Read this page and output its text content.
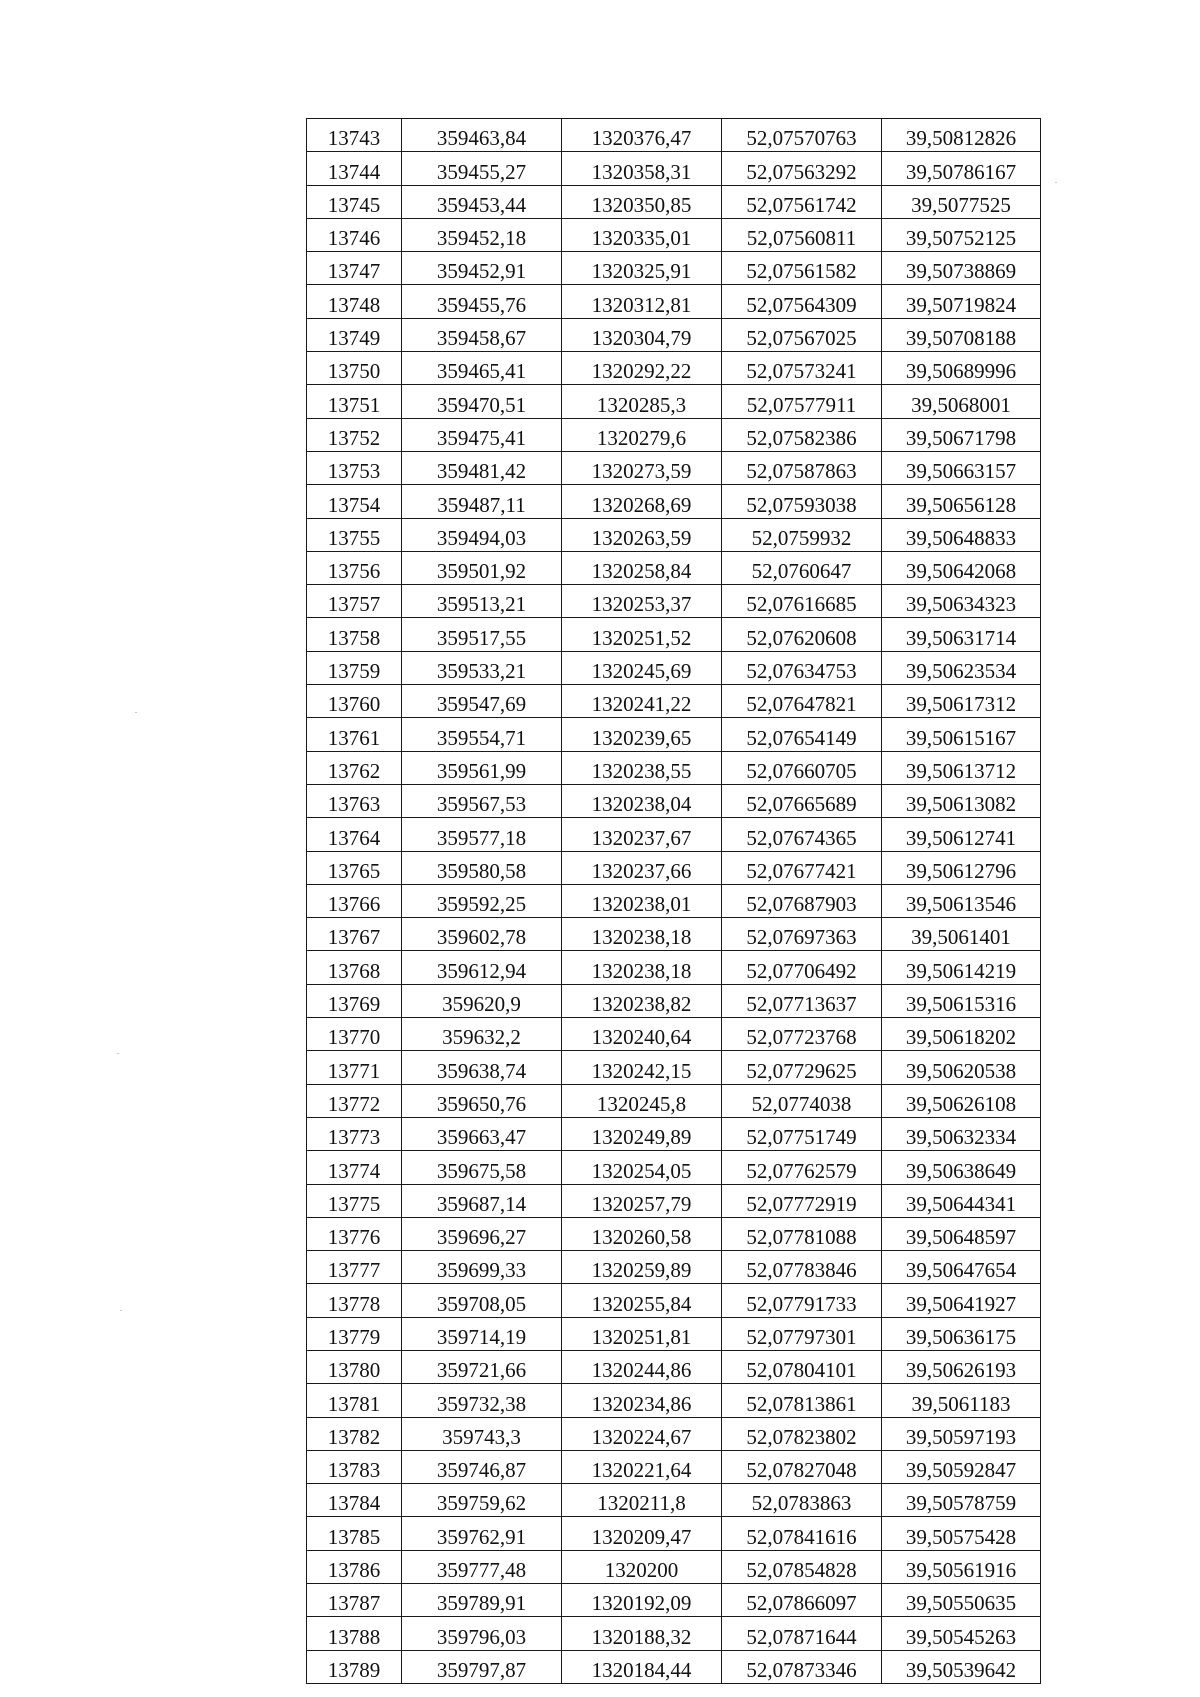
13743	359463,84	1320376,47	52,07570763	39,50812826
13744	359455,27	1320358,31	52,07563292	39,50786167
13745	359453,44	1320350,85	52,07561742	39,5077525
13746	359452,18	1320335,01	52,07560811	39,50752125
13747	359452,91	1320325,91	52,07561582	39,50738869
13748	359455,76	1320312,81	52,07564309	39,50719824
13749	359458,67	1320304,79	52,07567025	39,50708188
13750	359465,41	1320292,22	52,07573241	39,50689996
13751	359470,51	1320285,3	52,07577911	39,5068001
13752	359475,41	1320279,6	52,07582386	39,50671798
13753	359481,42	1320273,59	52,07587863	39,50663157
13754	359487,11	1320268,69	52,07593038	39,50656128
13755	359494,03	1320263,59	52,0759932	39,50648833
13756	359501,92	1320258,84	52,0760647	39,50642068
13757	359513,21	1320253,37	52,07616685	39,50634323
13758	359517,55	1320251,52	52,07620608	39,50631714
13759	359533,21	1320245,69	52,07634753	39,50623534
13760	359547,69	1320241,22	52,07647821	39,50617312
13761	359554,71	1320239,65	52,07654149	39,50615167
13762	359561,99	1320238,55	52,07660705	39,50613712
13763	359567,53	1320238,04	52,07665689	39,50613082
13764	359577,18	1320237,67	52,07674365	39,50612741
13765	359580,58	1320237,66	52,07677421	39,50612796
13766	359592,25	1320238,01	52,07687903	39,50613546
13767	359602,78	1320238,18	52,07697363	39,5061401
13768	359612,94	1320238,18	52,07706492	39,50614219
13769	359620,9	1320238,82	52,07713637	39,50615316
13770	359632,2	1320240,64	52,07723768	39,50618202
13771	359638,74	1320242,15	52,07729625	39,50620538
13772	359650,76	1320245,8	52,0774038	39,50626108
13773	359663,47	1320249,89	52,07751749	39,50632334
13774	359675,58	1320254,05	52,07762579	39,50638649
13775	359687,14	1320257,79	52,07772919	39,50644341
13776	359696,27	1320260,58	52,07781088	39,50648597
13777	359699,33	1320259,89	52,07783846	39,50647654
13778	359708,05	1320255,84	52,07791733	39,50641927
13779	359714,19	1320251,81	52,07797301	39,50636175
13780	359721,66	1320244,86	52,07804101	39,50626193
13781	359732,38	1320234,86	52,07813861	39,5061183
13782	359743,3	1320224,67	52,07823802	39,50597193
13783	359746,87	1320221,64	52,07827048	39,50592847
13784	359759,62	1320211,8	52,0783863	39,50578759
13785	359762,91	1320209,47	52,07841616	39,50575428
13786	359777,48	1320200	52,07854828	39,50561916
13787	359789,91	1320192,09	52,07866097	39,50550635
13788	359796,03	1320188,32	52,07871644	39,50545263
13789	359797,87	1320184,44	52,07873346	39,50539642
